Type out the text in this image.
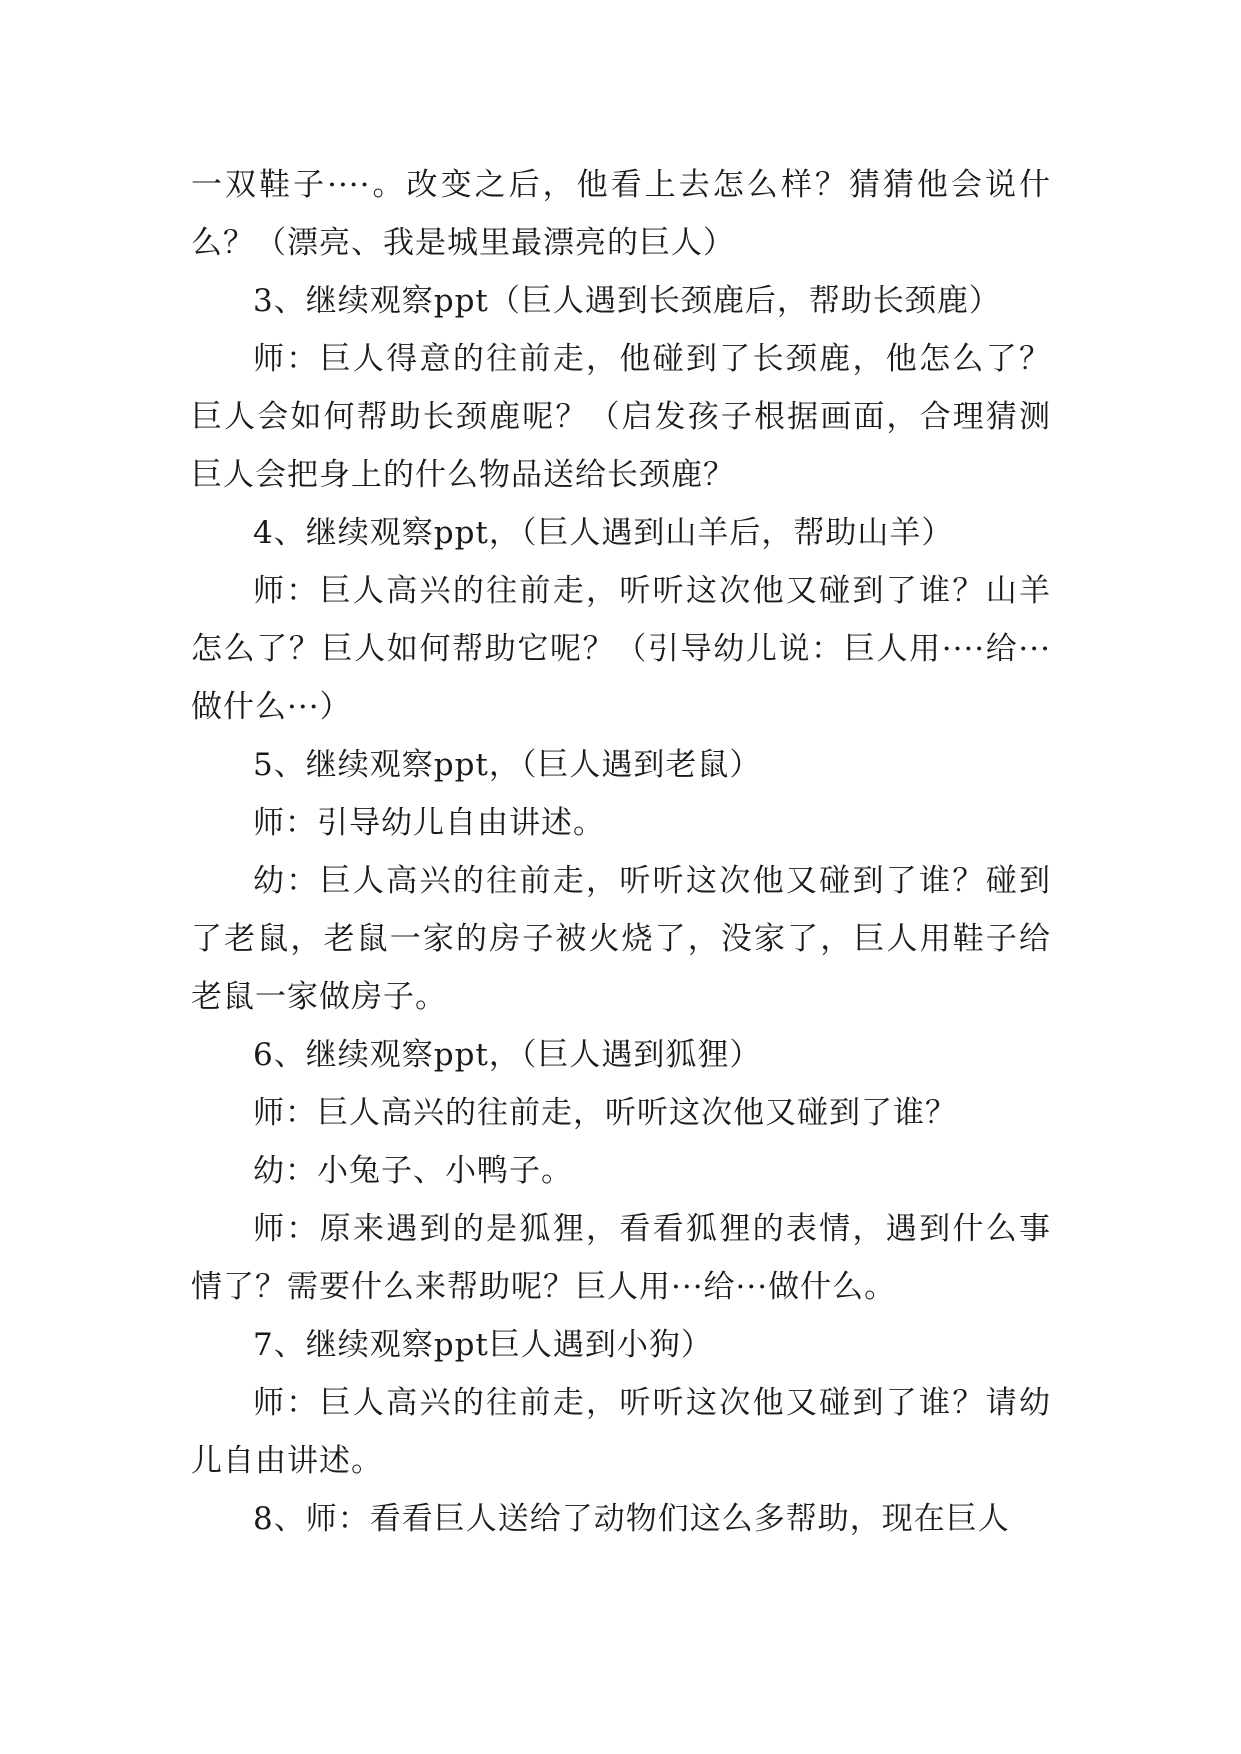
一双鞋子····。改变之后，他看上去怎么样？猜猜他会说什么？（漂亮、我是城里最漂亮的巨人）

3、继续观察ppt（巨人遇到长颈鹿后，帮助长颈鹿）

师：巨人得意的往前走，他碰到了长颈鹿，他怎么了？巨人会如何帮助长颈鹿呢？（启发孩子根据画面，合理猜测巨人会把身上的什么物品送给长颈鹿？

4、继续观察ppt，（巨人遇到山羊后，帮助山羊）

师：巨人高兴的往前走，听听这次他又碰到了谁？山羊怎么了？巨人如何帮助它呢？（引导幼儿说：巨人用····给···做什么···）

5、继续观察ppt，（巨人遇到老鼠）

师：引导幼儿自由讲述。

幼：巨人高兴的往前走，听听这次他又碰到了谁？碰到了老鼠，老鼠一家的房子被火烧了，没家了，巨人用鞋子给老鼠一家做房子。

6、继续观察ppt，（巨人遇到狐狸）

师：巨人高兴的往前走，听听这次他又碰到了谁？

幼：小兔子、小鸭子。

师：原来遇到的是狐狸，看看狐狸的表情，遇到什么事情了？需要什么来帮助呢？巨人用···给···做什么。

7、继续观察ppt巨人遇到小狗）

师：巨人高兴的往前走，听听这次他又碰到了谁？请幼儿自由讲述。

8、师：看看巨人送给了动物们这么多帮助，现在巨人
